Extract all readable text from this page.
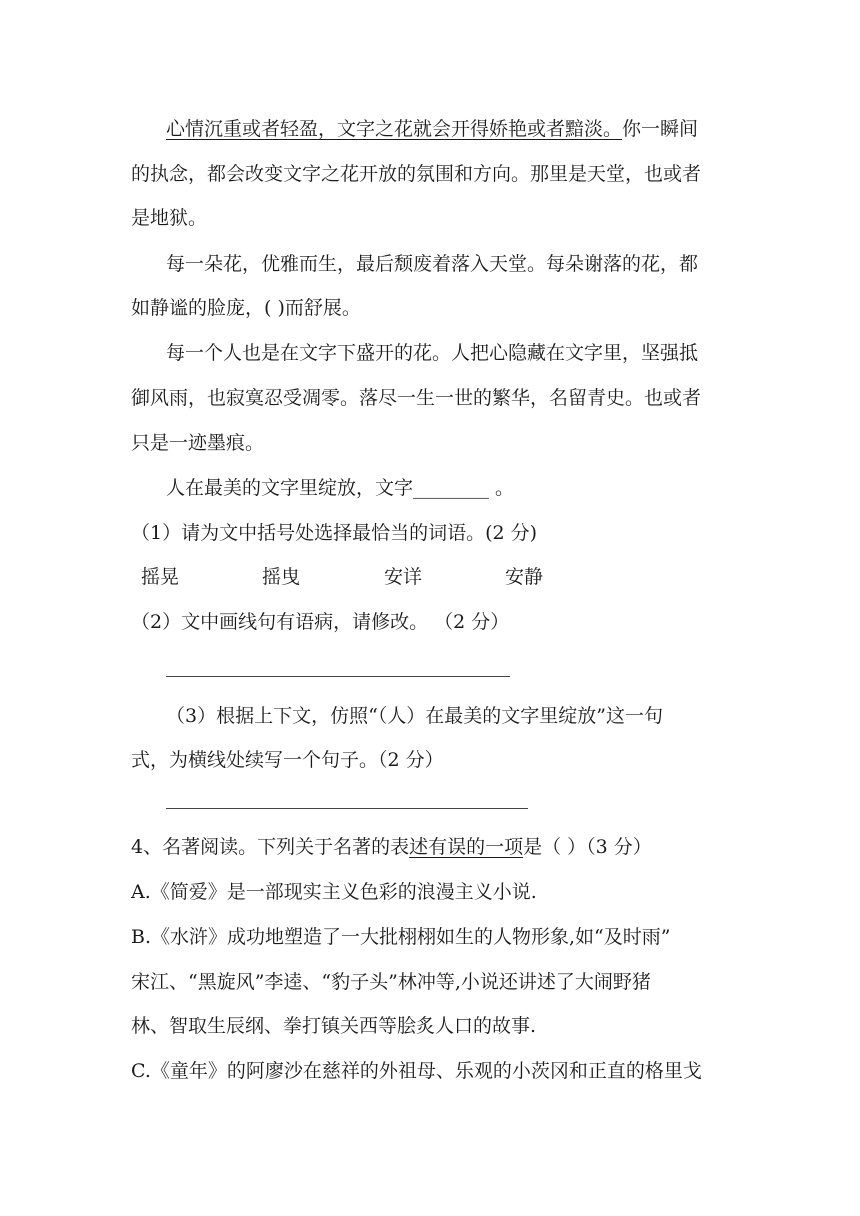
心情沉重或者轻盈，文字之花就会开得娇艳或者黯淡。你一瞬间
的执念，都会改变文字之花开放的氛围和方向。那里是天堂，也或者
是地狱。
每一朵花，优雅而生，最后颓废着落入天堂。每朵谢落的花，都
如静谧的脸庞，( )而舒展。
每一个人也是在文字下盛开的花。人把心隐藏在文字里，坚强抵
御风雨，也寂寞忍受凋零。落尽一生一世的繁华，名留青史。也或者
只是一迹墨痕。
人在最美的文字里绽放，文字________ 。
（1）请为文中括号处选择最恰当的词语。(2 分)
摇晃	摇曳	安详	安静
（2）文中画线句有语病，请修改。 （2 分）
（3）根据上下文，仿照“（人）在最美的文字里绽放”这一句
式，为横线处续写一个句子。（2 分）
4、名著阅读。下列关于名著的表述有误的一项是（ ）（3 分）
A.《简爱》是一部现实主义色彩的浪漫主义小说.
B.《水浒》成功地塑造了一大批栩栩如生的人物形象,如“及时雨”
宋江、“黑旋风”李逵、“豹子头”林冲等,小说还讲述了大闹野猪
林、智取生辰纲、拳打镇关西等脍炙人口的故事.
C.《童年》的阿廖沙在慈祥的外祖母、乐观的小茨冈和正直的格里戈
